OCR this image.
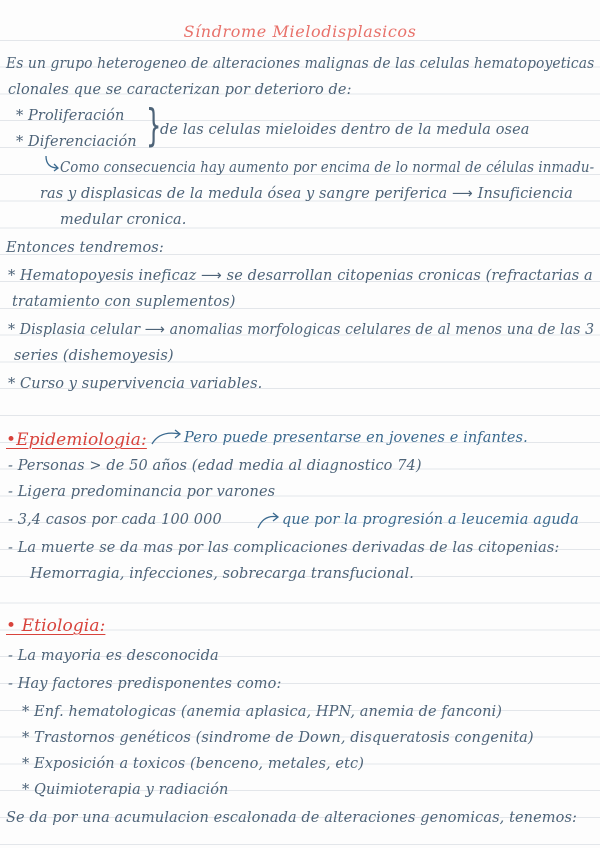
Síndrome Mielodisplasicos
Es un grupo heterogeneo de alteraciones malignas de las celulas hematopoyeticas
clonales que se caracterizan por deterioro de:
* Proliferación
* Diferenciación }
de las celulas mieloides dentro de la medula osea
Como consecuencia hay aumento por encima de lo normal de células inmadu-
ras y displasicas de la medula ósea y sangre periferica ⟶ Insuficiencia
medular cronica.
Entonces tendremos:
* Hematopoyesis ineficaz ⟶ se desarrollan citopenias cronicas (refractarias a
tratamiento con suplementos)
* Displasia celular ⟶ anomalias morfologicas celulares de al menos una de las 3
series (dishemoyesis)
* Curso y supervivencia variables.
•Epidemiologia:	Pero puede presentarse en jovenes e infantes.
- Personas > de 50 años (edad media al diagnostico 74)
- Ligera predominancia por varones
- 3,4 casos por cada 100 000	que por la progresión a leucemia aguda
- La muerte se da mas por las complicaciones derivadas de las citopenias:
Hemorragia, infecciones, sobrecarga transfucional.
• Etiologia:
- La mayoria es desconocida
- Hay factores predisponentes como:
* Enf. hematologicas (anemia aplasica, HPN, anemia de fanconi)
* Trastornos genéticos (sindrome de Down, disqueratosis congenita)
* Exposición a toxicos (benceno, metales, etc)
* Quimioterapia y radiación
Se da por una acumulacion escalonada de alteraciones genomicas, tenemos:
